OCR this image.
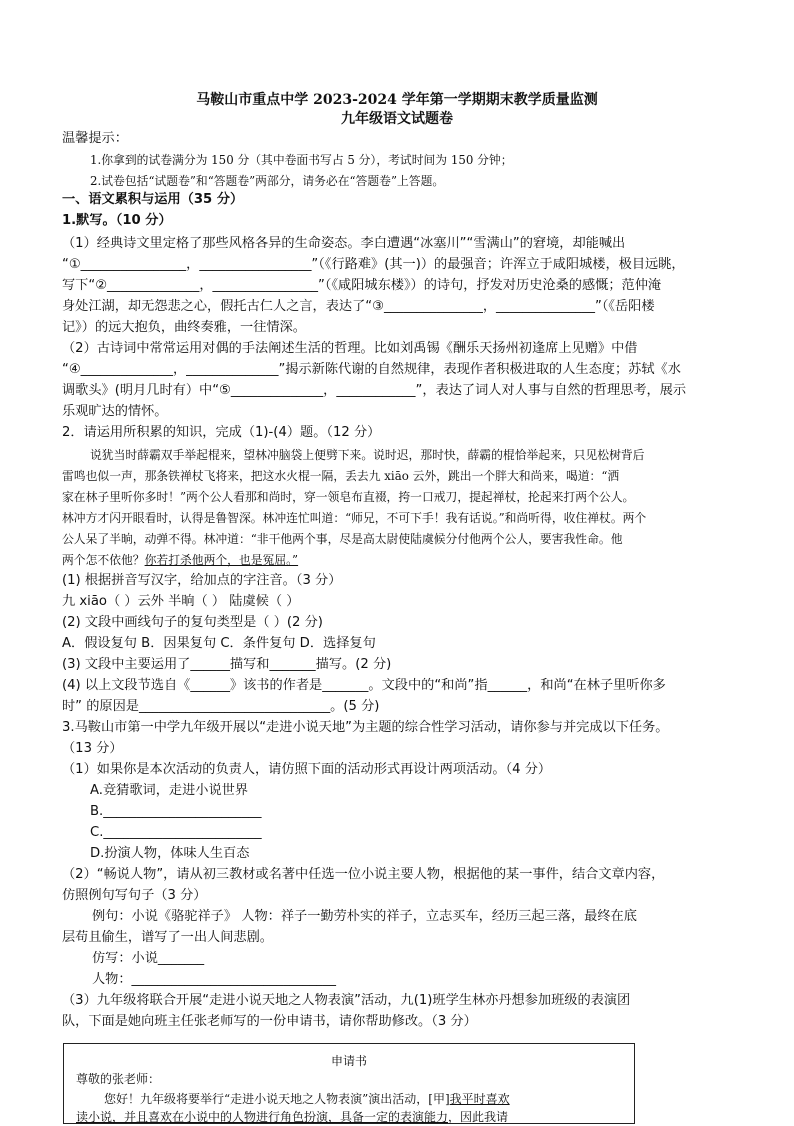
马鞍山市重点中学 2023-2024 学年第一学期期末教学质量监测
九年级语文试题卷
温馨提示：
1.你拿到的试卷满分为 150 分（其中卷面书写占 5 分），考试时间为 150 分钟；
2.试卷包括“试题卷”和“答题卷”两部分，请务必在“答题卷”上答题。
一、语文累积与运用（35 分）
1.默写。（10 分）
（1）经典诗文里定格了那些风格各异的生命姿态。李白遭遇“冰塞川”“雪满山”的窘境，却能喊出
“①________________，_________________”（《行路难》(其一)）的最强音；许浑立于咸阳城楼，极目远眺，
写下“②______________，________________”（《咸阳城东楼》）的诗句，抒发对历史沧桑的感慨；范仲淹
身处江湖，却无怨悲之心，假托古仁人之言，表达了“③_______________，_______________”（《岳阳楼
记》）的远大抱负，曲终奏雅，一往情深。
（2）古诗词中常常运用对偶的手法阐述生活的哲理。比如刘禹锡《酬乐天扬州初逢席上见赠》中借
“④______________，______________”揭示新陈代谢的自然规律，表现作者积极进取的人生态度；苏轼《水
调歌头》(明月几时有）中“⑤______________，____________”，表达了词人对人事与自然的哲理思考，展示
乐观旷达的情怀。
2．请运用所积累的知识，完成（1)-(4）题。（12 分）
说犹当时薛霸双手举起棍来，望林冲脑袋上便劈下来。说时迟，那时快，薛霸的棍恰举起来，只见松树背后
雷鸣也似一声，那条铁禅杖飞将来，把这水火棍一隔，丢去九 xiāo 云外，跳出一个胖大和尚来，喝道：“洒
家在林子里听你多时！”两个公人看那和尚时，穿一领皂布直裰，挎一口戒刀，提起禅杖，抡起来打两个公人。
林冲方才闪开眼看时，认得是鲁智深。林冲连忙叫道：“师兄，不可下手！我有话说。”和尚听得，收住禅杖。两个
公人呆了半晌，动弹不得。林冲道：“非干他两个事，尽是高太尉使陆虞候分付他两个公人，要害我性命。他
两个怎不依他？你若打杀他两个，也是冤屈。”
(1) 根据拼音写汉字，给加点的字注音。（3 分）
九 xiāo（ ）云外 半晌（ ） 陆虞候（ ）
(2) 文段中画线句子的复句类型是（ ）(2 分)
A．假设复句 B．因果复句 C．条件复句 D．选择复句
(3) 文段中主要运用了______描写和_______描写。(2 分)
(4) 以上文段节选自《______》该书的作者是_______。文段中的“和尚”指______，和尚“在林子里听你多
时” 的原因是_____________________________。(5 分)
3.马鞍山市第一中学九年级开展以“走进小说天地”为主题的综合性学习活动，请你参与并完成以下任务。
（13 分）
（1）如果你是本次活动的负责人，请仿照下面的活动形式再设计两项活动。（4 分）
A.竞猜歌词，走进小说世界
B.________________________
C.________________________
D.扮演人物，体味人生百态
（2）“畅说人物”，请从初三教材或名著中任选一位小说主要人物，根据他的某一事件，结合文章内容，
仿照例句写句子（3 分）
例句：小说《骆驼祥子》 人物：祥子一勤劳朴实的祥子，立志买车，经历三起三落，最终在底
层苟且偷生，谱写了一出人间悲剧。
仿写：小说_______
人物：_______________________________
（3）九年级将联合开展“走进小说天地之人物表演”活动，九(1)班学生林亦丹想参加班级的表演团
队，下面是她向班主任张老师写的一份申请书，请你帮助修改。（3 分）
申请书
尊敬的张老师：
您好！九年级将要举行“走进小说天地之人物表演”演出活动，[甲]我平时喜欢
读小说，并且喜欢在小说中的人物进行角色扮演，具备一定的表演能力，因此我请
